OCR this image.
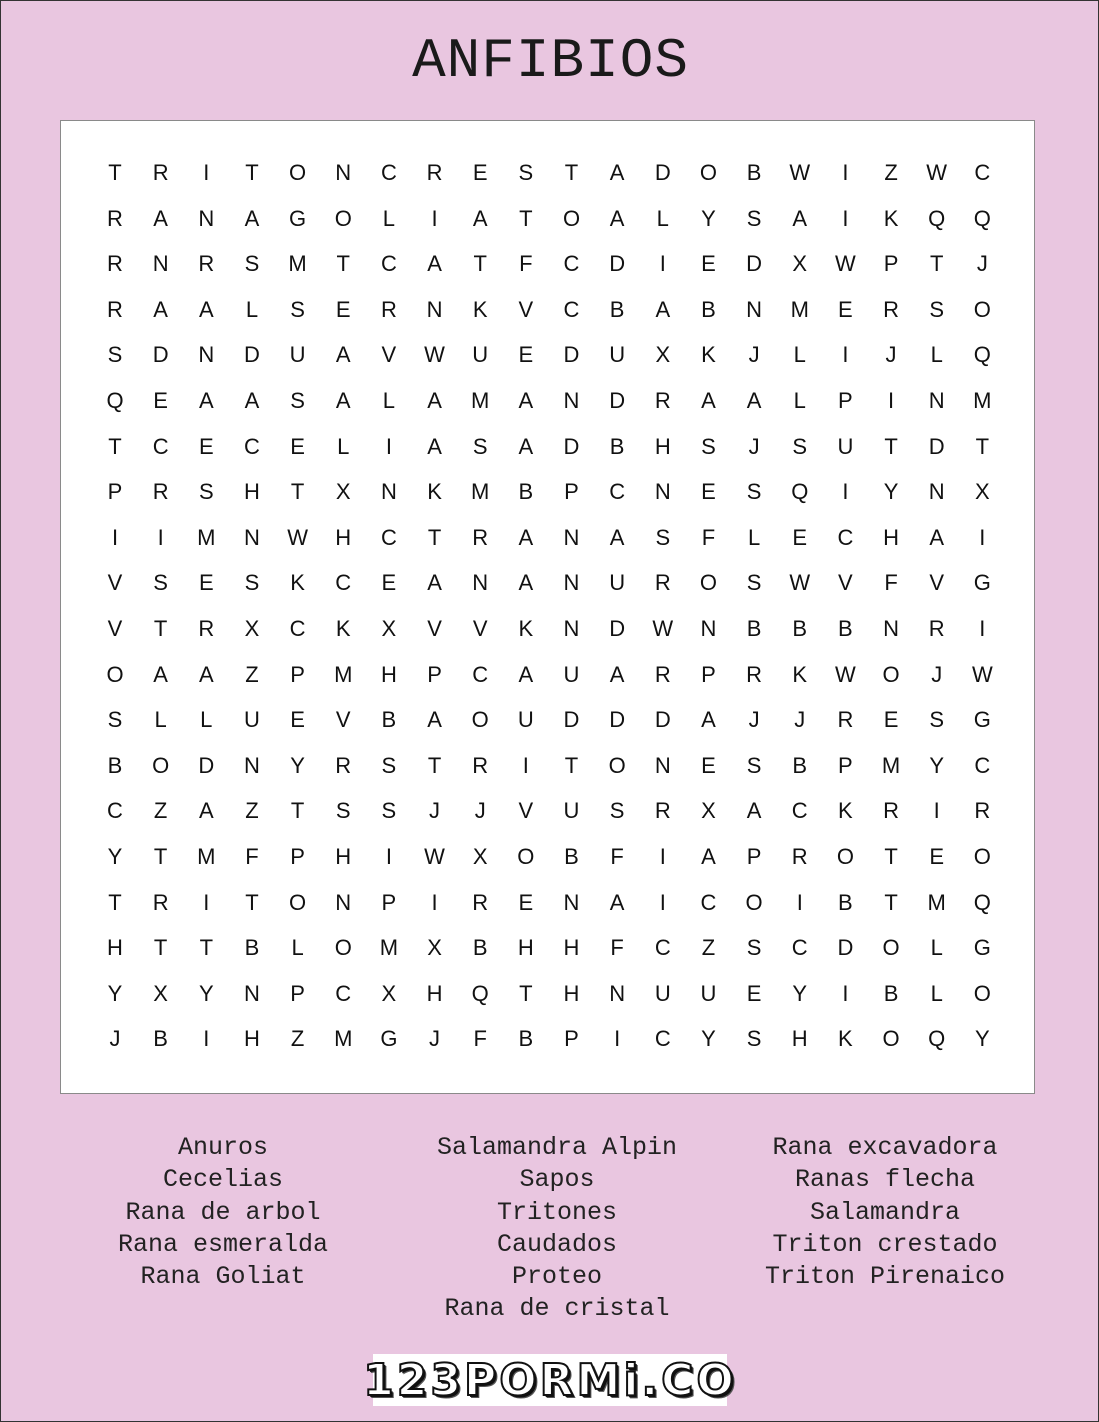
ANFIBIOS
T	R	I	T	O	N	C	R	E	S	T	A	D	O	B	W	I	Z	W	C
R	A	N	A	G	O	L	I	A	T	O	A	L	Y	S	A	I	K	Q	Q
R	N	R	S	M	T	C	A	T	F	C	D	I	E	D	X	W	P	T	J
R	A	A	L	S	E	R	N	K	V	C	B	A	B	N	M	E	R	S	O
S	D	N	D	U	A	V	W	U	E	D	U	X	K	J	L	I	J	L	Q
Q	E	A	A	S	A	L	A	M	A	N	D	R	A	A	L	P	I	N	M
T	C	E	C	E	L	I	A	S	A	D	B	H	S	J	S	U	T	D	T
P	R	S	H	T	X	N	K	M	B	P	C	N	E	S	Q	I	Y	N	X
I	I	M	N	W	H	C	T	R	A	N	A	S	F	L	E	C	H	A	I
V	S	E	S	K	C	E	A	N	A	N	U	R	O	S	W	V	F	V	G
V	T	R	X	C	K	X	V	V	K	N	D	W	N	B	B	B	N	R	I
O	A	A	Z	P	M	H	P	C	A	U	A	R	P	R	K	W	O	J	W
S	L	L	U	E	V	B	A	O	U	D	D	D	A	J	J	R	E	S	G
B	O	D	N	Y	R	S	T	R	I	T	O	N	E	S	B	P	M	Y	C
C	Z	A	Z	T	S	S	J	J	V	U	S	R	X	A	C	K	R	I	R
Y	T	M	F	P	H	I	W	X	O	B	F	I	A	P	R	O	T	E	O
T	R	I	T	O	N	P	I	R	E	N	A	I	C	O	I	B	T	M	Q
H	T	T	B	L	O	M	X	B	H	H	F	C	Z	S	C	D	O	L	G
Y	X	Y	N	P	C	X	H	Q	T	H	N	U	U	E	Y	I	B	L	O
J	B	I	H	Z	M	G	J	F	B	P	I	C	Y	S	H	K	O	Q	Y
Anuros
Cecelias
Rana de arbol
Rana esmeralda
Rana Goliat
Salamandra Alpin
Sapos
Tritones
Caudados
Proteo
Rana de cristal
Rana excavadora
Ranas flecha
Salamandra
Triton crestado
Triton Pirenaico
123PORMi.CO
